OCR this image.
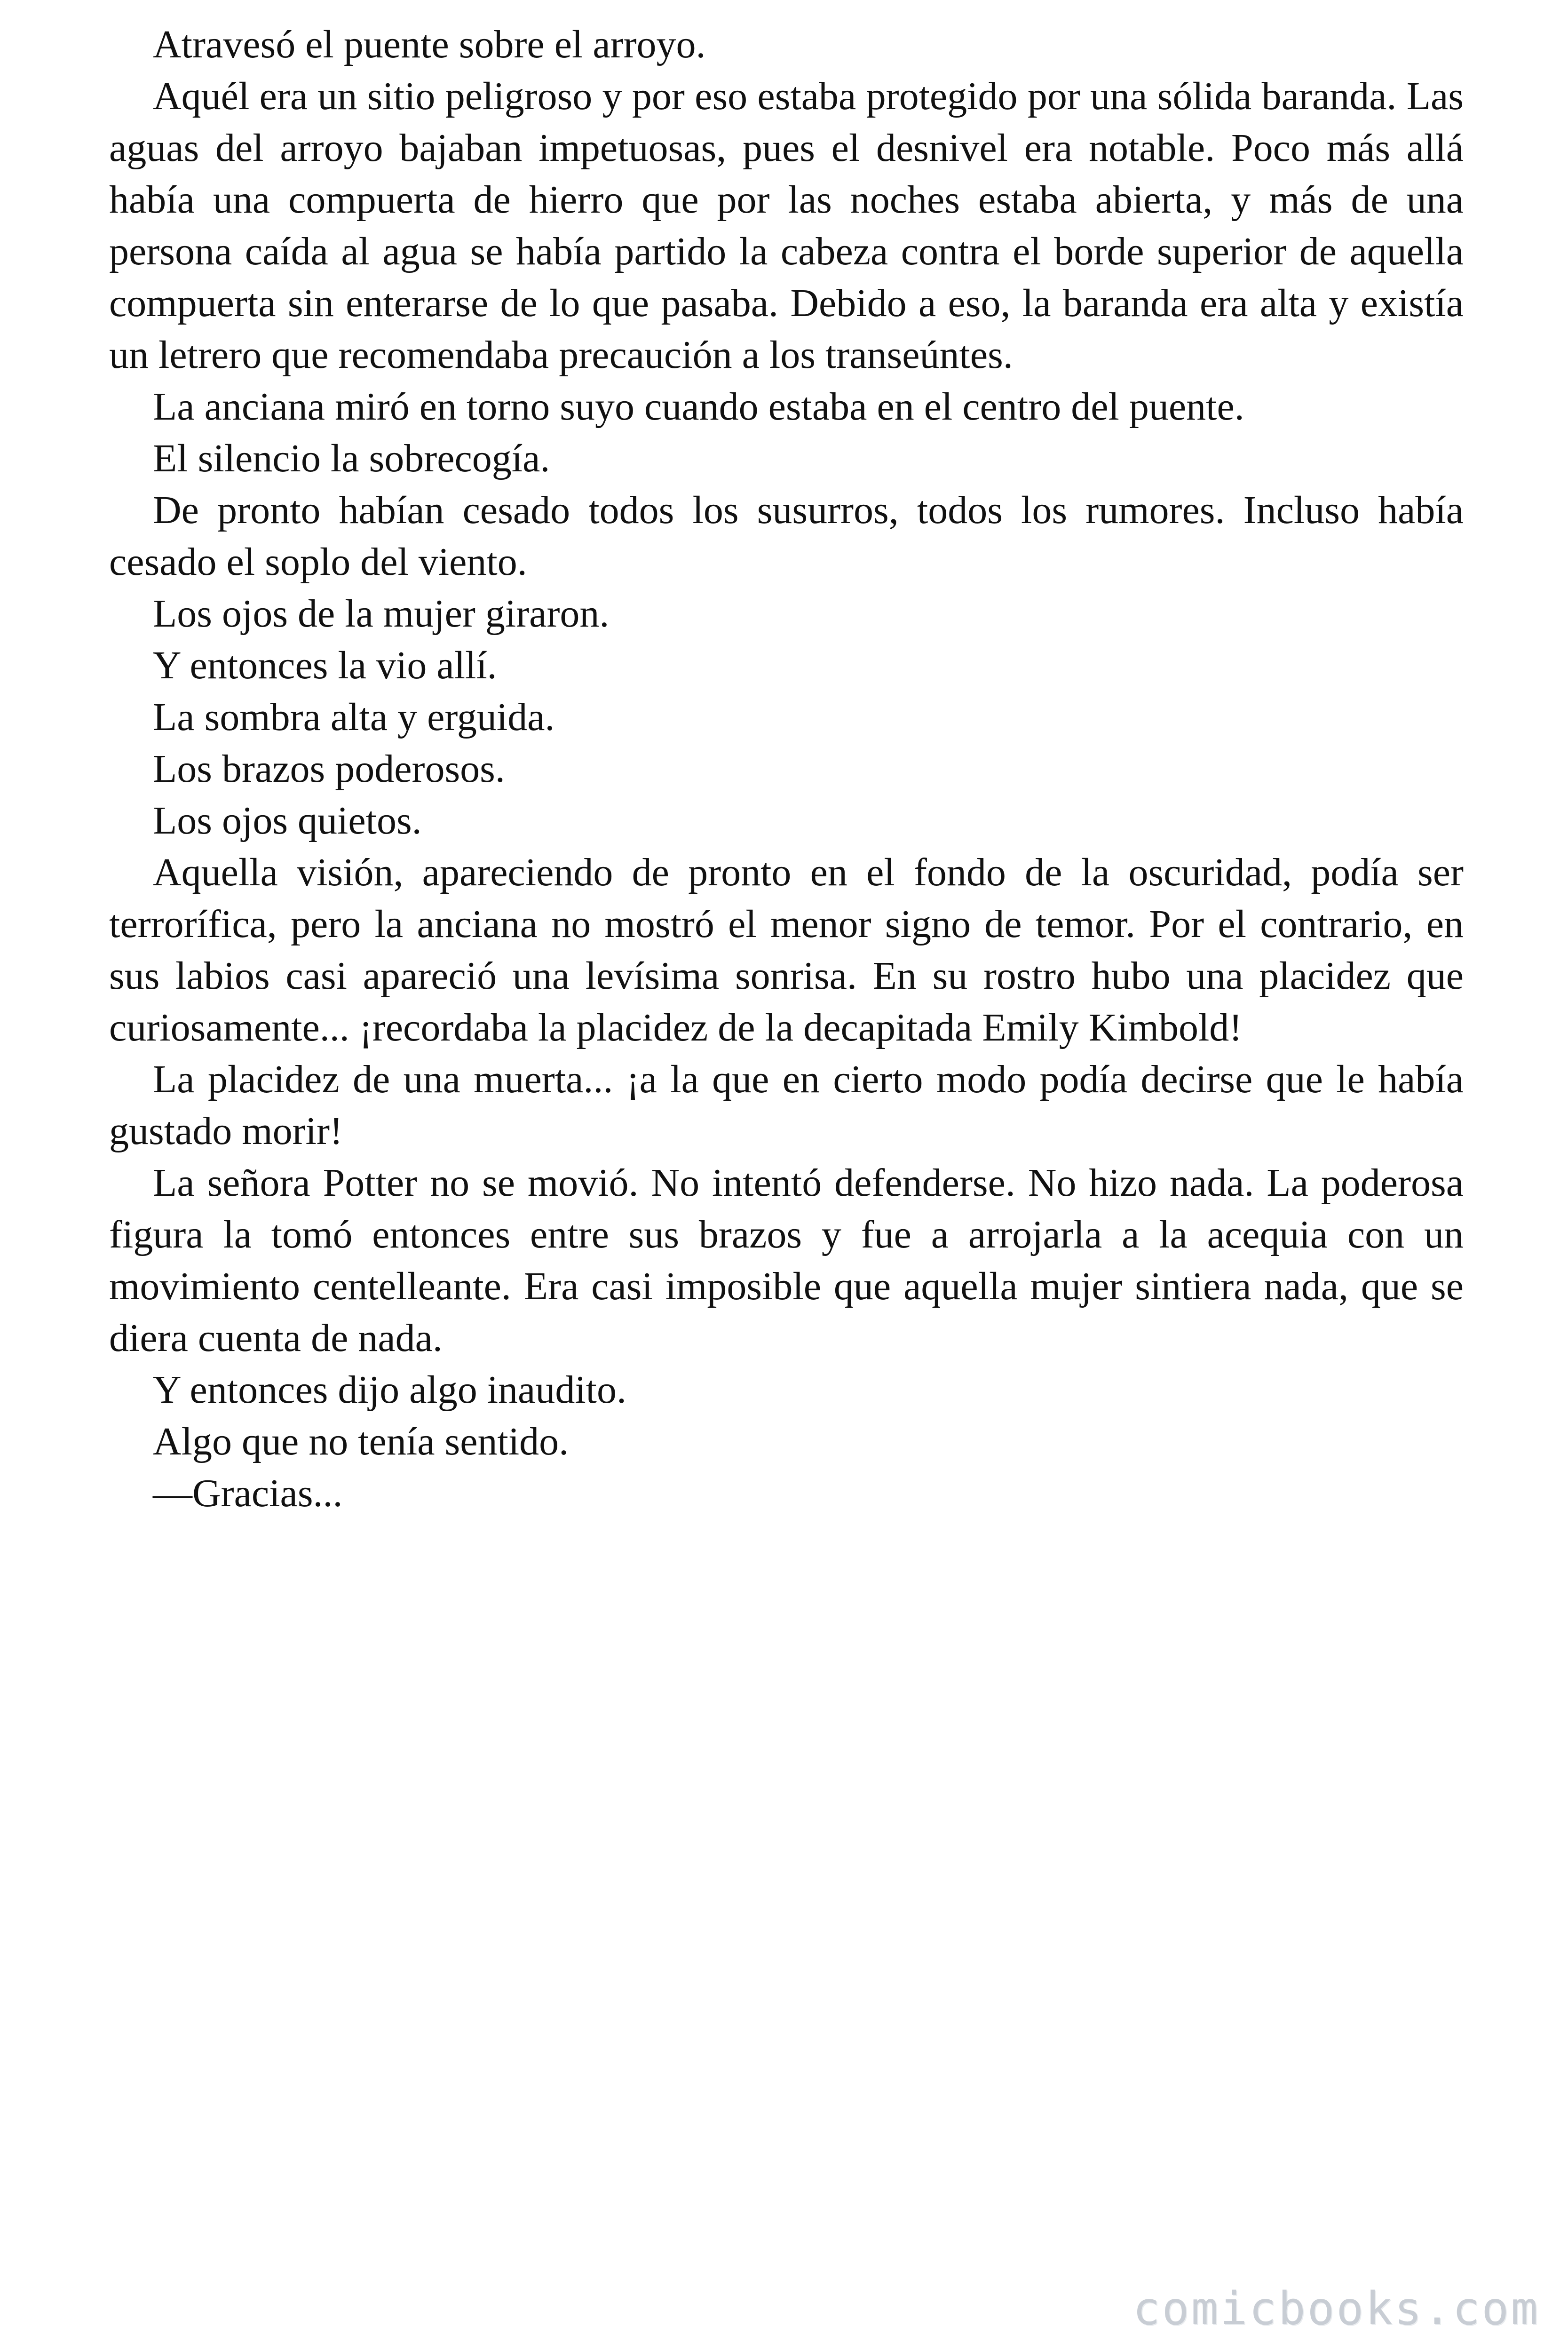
Atravesó el puente sobre el arroyo.

Aquél era un sitio peligroso y por eso estaba protegido por una sólida baranda. Las aguas del arroyo bajaban impetuosas, pues el desnivel era notable. Poco más allá había una compuerta de hierro que por las noches estaba abierta, y más de una persona caída al agua se había partido la cabeza contra el borde superior de aquella compuerta sin enterarse de lo que pasaba. Debido a eso, la baranda era alta y existía un letrero que recomendaba precaución a los transeúntes.

La anciana miró en torno suyo cuando estaba en el centro del puente.

El silencio la sobrecogía.

De pronto habían cesado todos los susurros, todos los rumores. Incluso había cesado el soplo del viento.

Los ojos de la mujer giraron.

Y entonces la vio allí.

La sombra alta y erguida.

Los brazos poderosos.

Los ojos quietos.

Aquella visión, apareciendo de pronto en el fondo de la oscuridad, podía ser terrorífica, pero la anciana no mostró el menor signo de temor. Por el contrario, en sus labios casi apareció una levísima sonrisa. En su rostro hubo una placidez que curiosamente... ¡recordaba la placidez de la decapitada Emily Kimbold!

La placidez de una muerta... ¡a la que en cierto modo podía decirse que le había gustado morir!

La señora Potter no se movió. No intentó defenderse. No hizo nada. La poderosa figura la tomó entonces entre sus brazos y fue a arrojarla a la acequia con un movimiento centelleante. Era casi imposible que aquella mujer sintiera nada, que se diera cuenta de nada.

Y entonces dijo algo inaudito.

Algo que no tenía sentido.

—Gracias...

comicbooks.com
